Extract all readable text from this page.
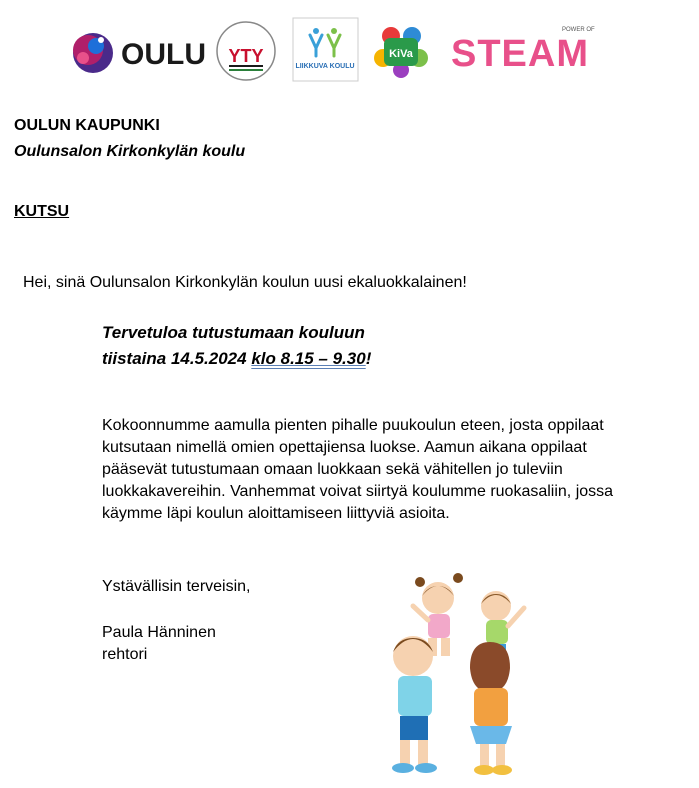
OULU YTY
LIIKKUVA KOULU
KiVa STEAM
POWER OF
OULUN KAUPUNKI
Oulunsalon Kirkonkylän koulu
KUTSU
Hei, sinä Oulunsalon Kirkonkylän koulun uusi ekaluokkalainen!
Tervetuloa tutustumaan kouluun
tiistaina 14.5.2024 klo 8.15 – 9.30!
Kokoonnumme aamulla pienten pihalle puukoulun eteen, josta oppilaat
kutsutaan nimellä omien opettajiensa luokse. Aamun aikana oppilaat
pääsevät tutustumaan omaan luokkaan sekä vähitellen jo tuleviin
luokkakavereihin. Vanhemmat voivat siirtyä koulumme ruokasaliin, jossa
käymme läpi koulun aloittamiseen liittyviä asioita.
Ystävällisin terveisin,
Paula Hänninen
rehtori
